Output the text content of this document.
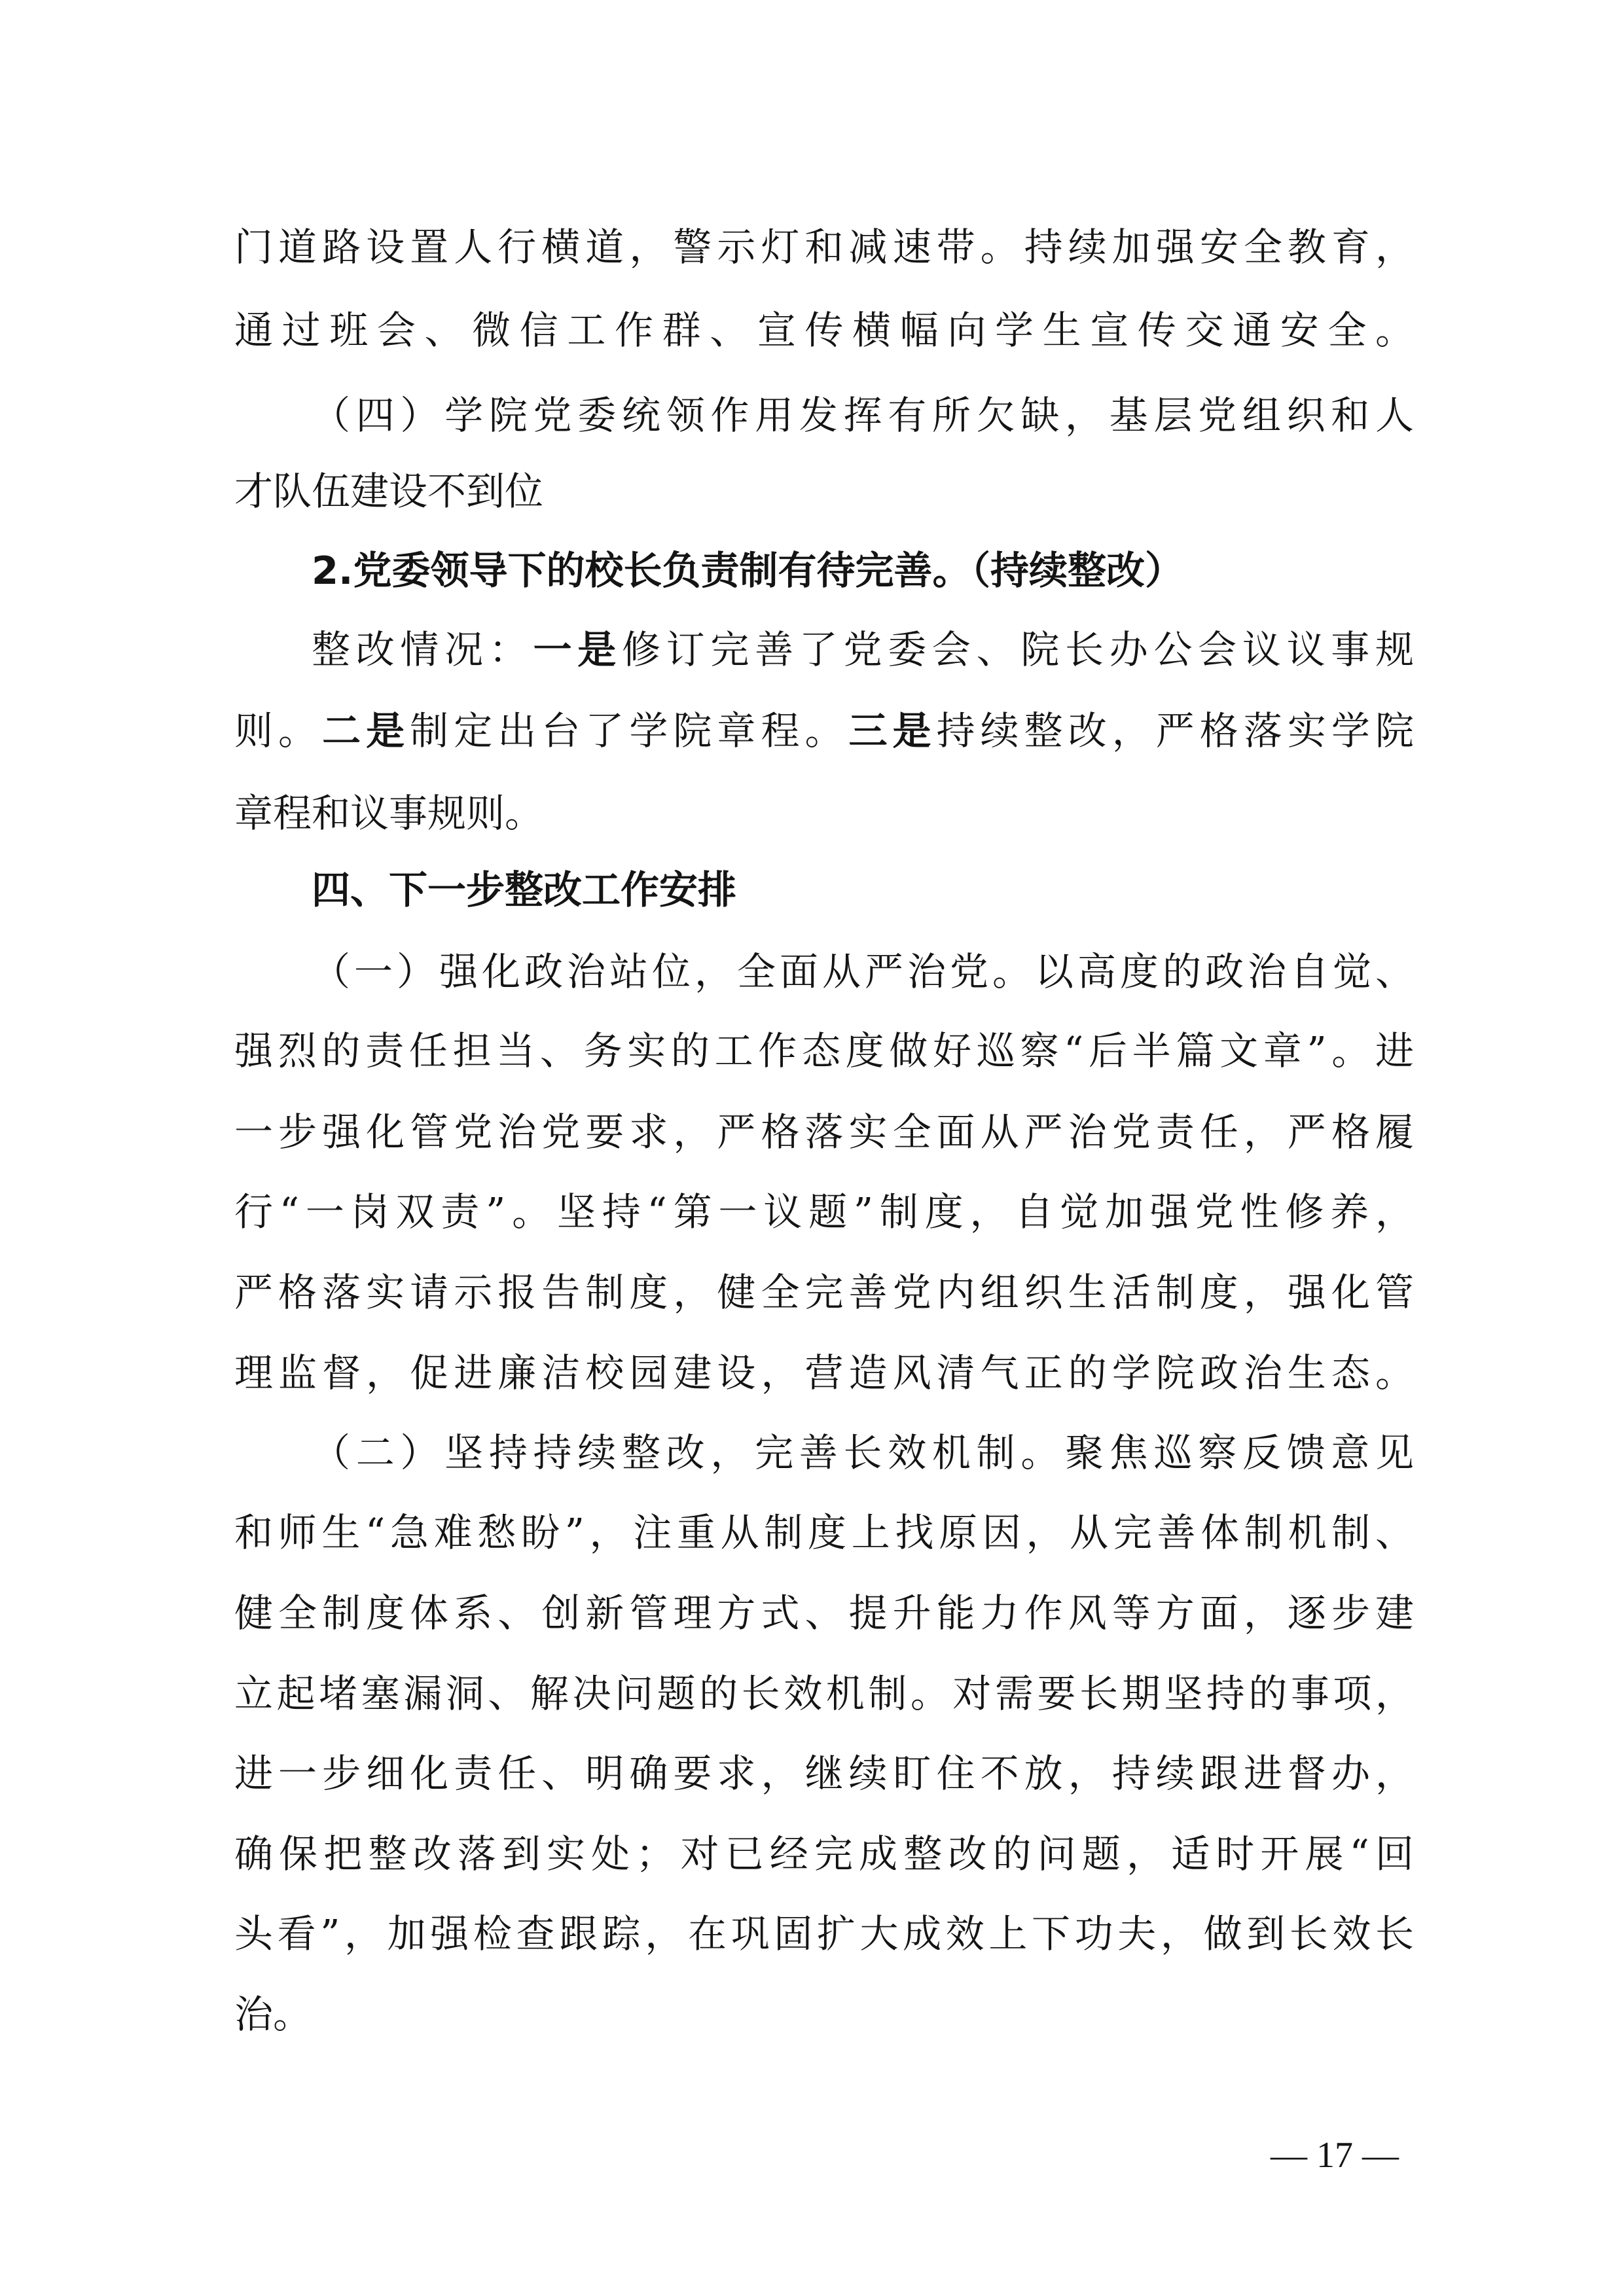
门道路设置人行横道，警示灯和减速带。持续加强安全教育，
通过班会、微信工作群、宣传横幅向学生宣传交通安全。
（四）学院党委统领作用发挥有所欠缺，基层党组织和人
才队伍建设不到位
2.党委领导下的校长负责制有待完善。（持续整改）
整改情况：一是修订完善了党委会、院长办公会议议事规
则。二是制定出台了学院章程。三是持续整改，严格落实学院
章程和议事规则。
四、下一步整改工作安排
（一）强化政治站位，全面从严治党。以高度的政治自觉、
强烈的责任担当、务实的工作态度做好巡察“后半篇文章”。进
一步强化管党治党要求，严格落实全面从严治党责任，严格履
行“一岗双责”。坚持“第一议题”制度，自觉加强党性修养，
严格落实请示报告制度，健全完善党内组织生活制度，强化管
理监督，促进廉洁校园建设，营造风清气正的学院政治生态。
（二）坚持持续整改，完善长效机制。聚焦巡察反馈意见
和师生“急难愁盼”，注重从制度上找原因，从完善体制机制、
健全制度体系、创新管理方式、提升能力作风等方面，逐步建
立起堵塞漏洞、解决问题的长效机制。对需要长期坚持的事项，
进一步细化责任、明确要求，继续盯住不放，持续跟进督办，
确保把整改落到实处；对已经完成整改的问题，适时开展“回
头看”，加强检查跟踪，在巩固扩大成效上下功夫，做到长效长
治。
— 17 —
